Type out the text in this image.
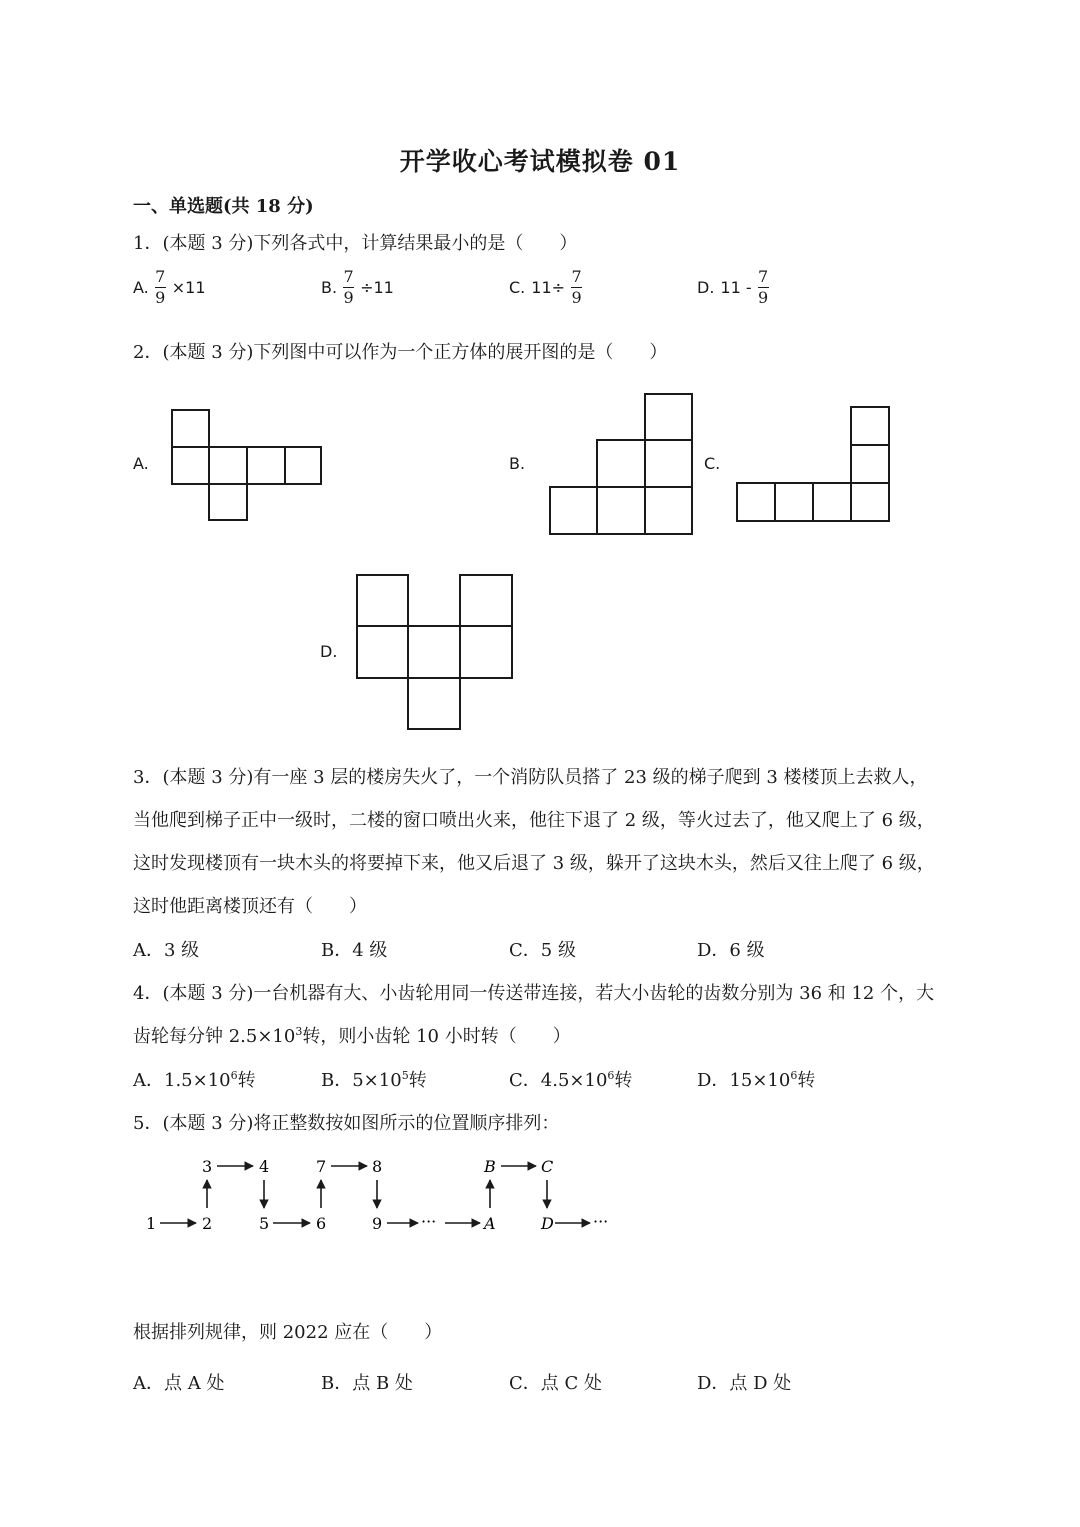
开学收心考试模拟卷 01
一、单选题(共 18 分)
1．(本题 3 分)下列各式中，计算结果最小的是（　　）
A. $\frac{7}{9} \times 11$	B. $\frac{7}{9} \div 11$	C. $11\div \frac{7}{9}$	D. $11 - \frac{7}{9}$
2．(本题 3 分)下列图中可以作为一个正方体的展开图的是（　　）
A.	B.	C.
D.
3．(本题 3 分)有一座 3 层的楼房失火了，一个消防队员搭了 23 级的梯子爬到 3 楼楼顶上去救人，
当他爬到梯子正中一级时，二楼的窗口喷出火来，他往下退了 2 级，等火过去了，他又爬上了 6 级，
这时发现楼顶有一块木头的将要掉下来，他又后退了 3 级，躲开了这块木头，然后又往上爬了 6 级，
这时他距离楼顶还有（　　）
A．3 级	B．4 级	C．5 级	D．6 级
4．(本题 3 分)一台机器有大、小齿轮用同一传送带连接，若大小齿轮的齿数分别为 36 和 12 个，大
齿轮每分钟 $2.5\times 10^3$转，则小齿轮 10 小时转（　　）
A．$1.5\times 10^6$转	B．$5\times 10^5$转	C．$4.5\times 10^6$转	D．$15\times 10^6$转
5．(本题 3 分)将正整数按如图所示的位置顺序排列：
1	2
3	4
5	6
7	8
9 ···	A
B	C
D ···
根据排列规律，则 2022 应在（　　）
A．点 A 处	B．点 B 处	C．点 C 处	D．点 D 处
